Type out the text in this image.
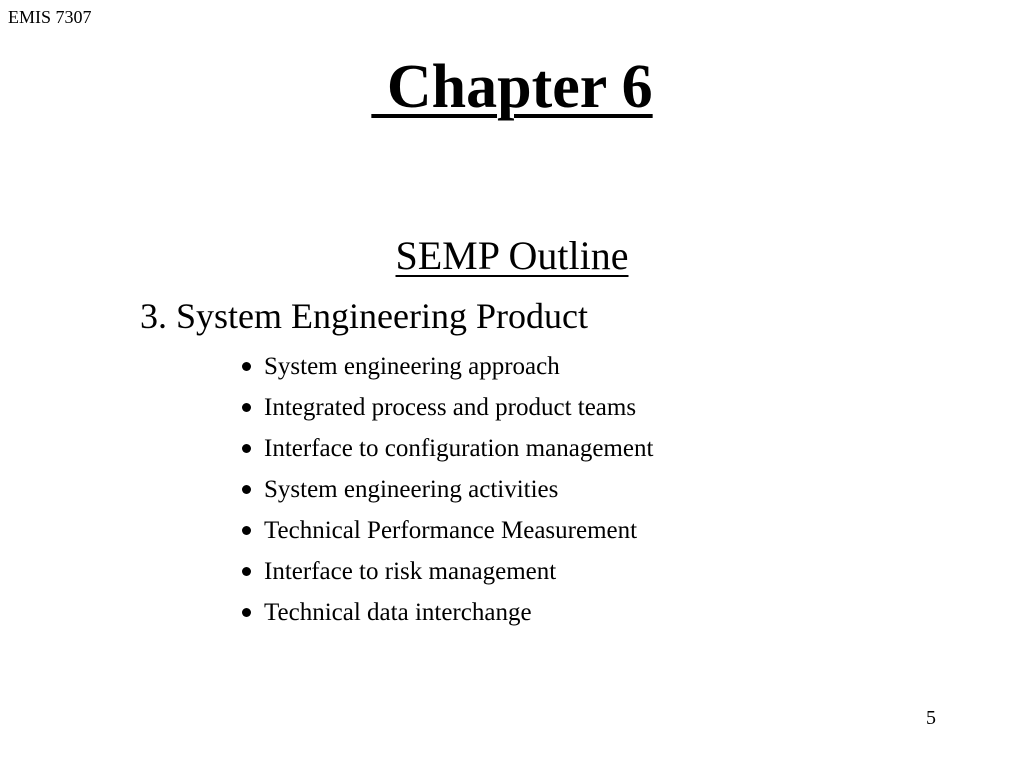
EMIS 7307
Chapter 6
SEMP Outline
3. System Engineering Product
System engineering approach
Integrated process and product teams
Interface to configuration management
System engineering activities
Technical Performance Measurement
Interface to risk management
Technical data interchange
5
